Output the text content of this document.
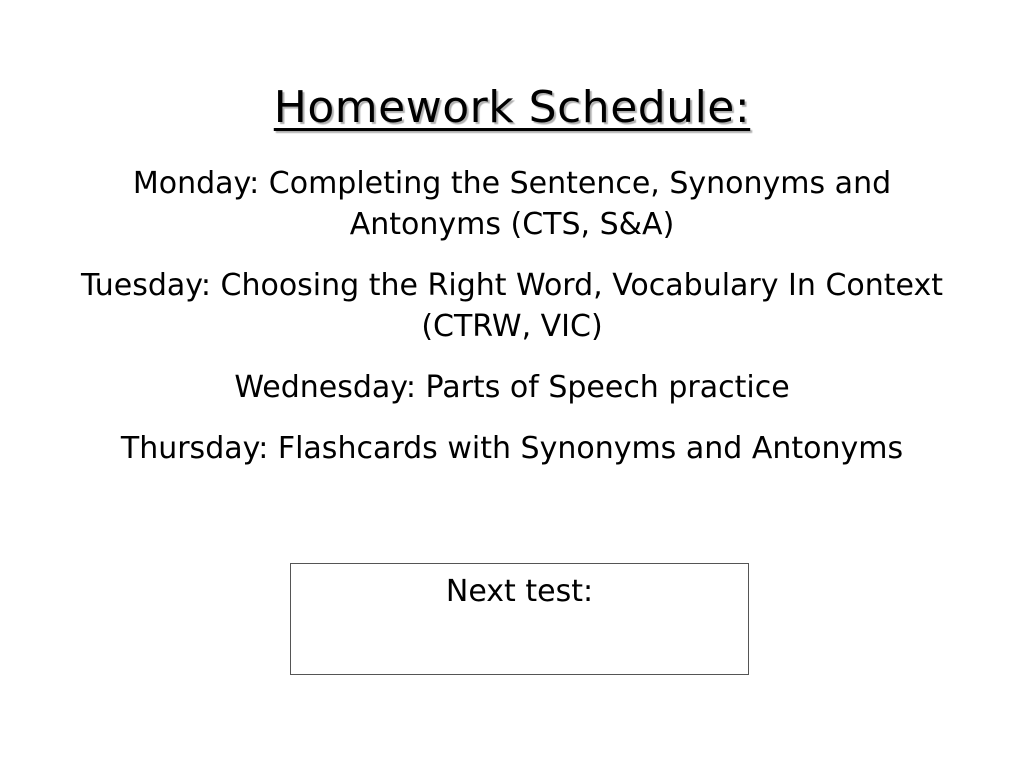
Homework Schedule:
Monday: Completing the Sentence, Synonyms and Antonyms (CTS, S&A)
Tuesday: Choosing the Right Word, Vocabulary In Context (CTRW, VIC)
Wednesday: Parts of Speech practice
Thursday: Flashcards with Synonyms and Antonyms
Next test:
